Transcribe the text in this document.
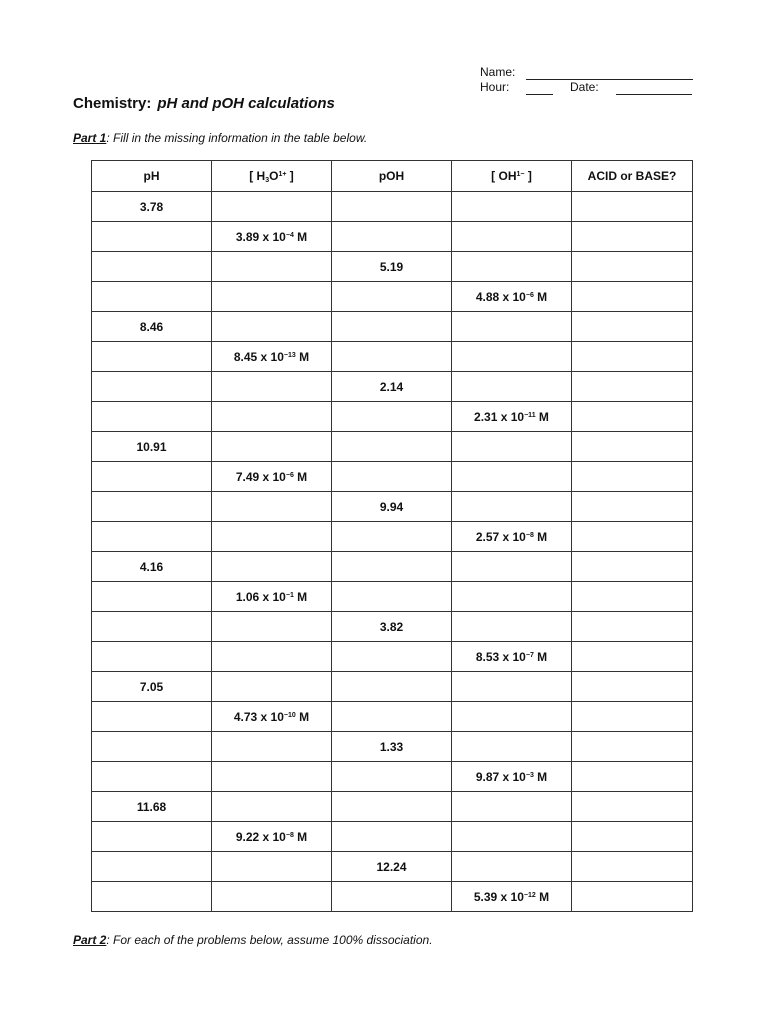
Name:
Hour:	Date:
Chemistry: pH and pOH calculations
Part 1: Fill in the missing information in the table below.
pH	[ $H_3O^{1+}$ ]	pOH	[ $OH^{1-}$ ]	ACID or BASE?
3.78				
	3.89 x $10^{-4}$ M			
		5.19		
			4.88 x $10^{-6}$ M	
8.46				
	8.45 x $10^{-13}$ M			
		2.14		
			2.31 x $10^{-11}$ M	
10.91				
	7.49 x $10^{-6}$ M			
		9.94		
			2.57 x $10^{-8}$ M	
4.16				
	1.06 x $10^{-1}$ M			
		3.82		
			8.53 x $10^{-7}$ M	
7.05				
	4.73 x $10^{-10}$ M			
		1.33		
			9.87 x $10^{-3}$ M	
11.68				
	9.22 x $10^{-8}$ M			
		12.24		
			5.39 x $10^{-12}$ M	
Part 2: For each of the problems below, assume 100% dissociation.
